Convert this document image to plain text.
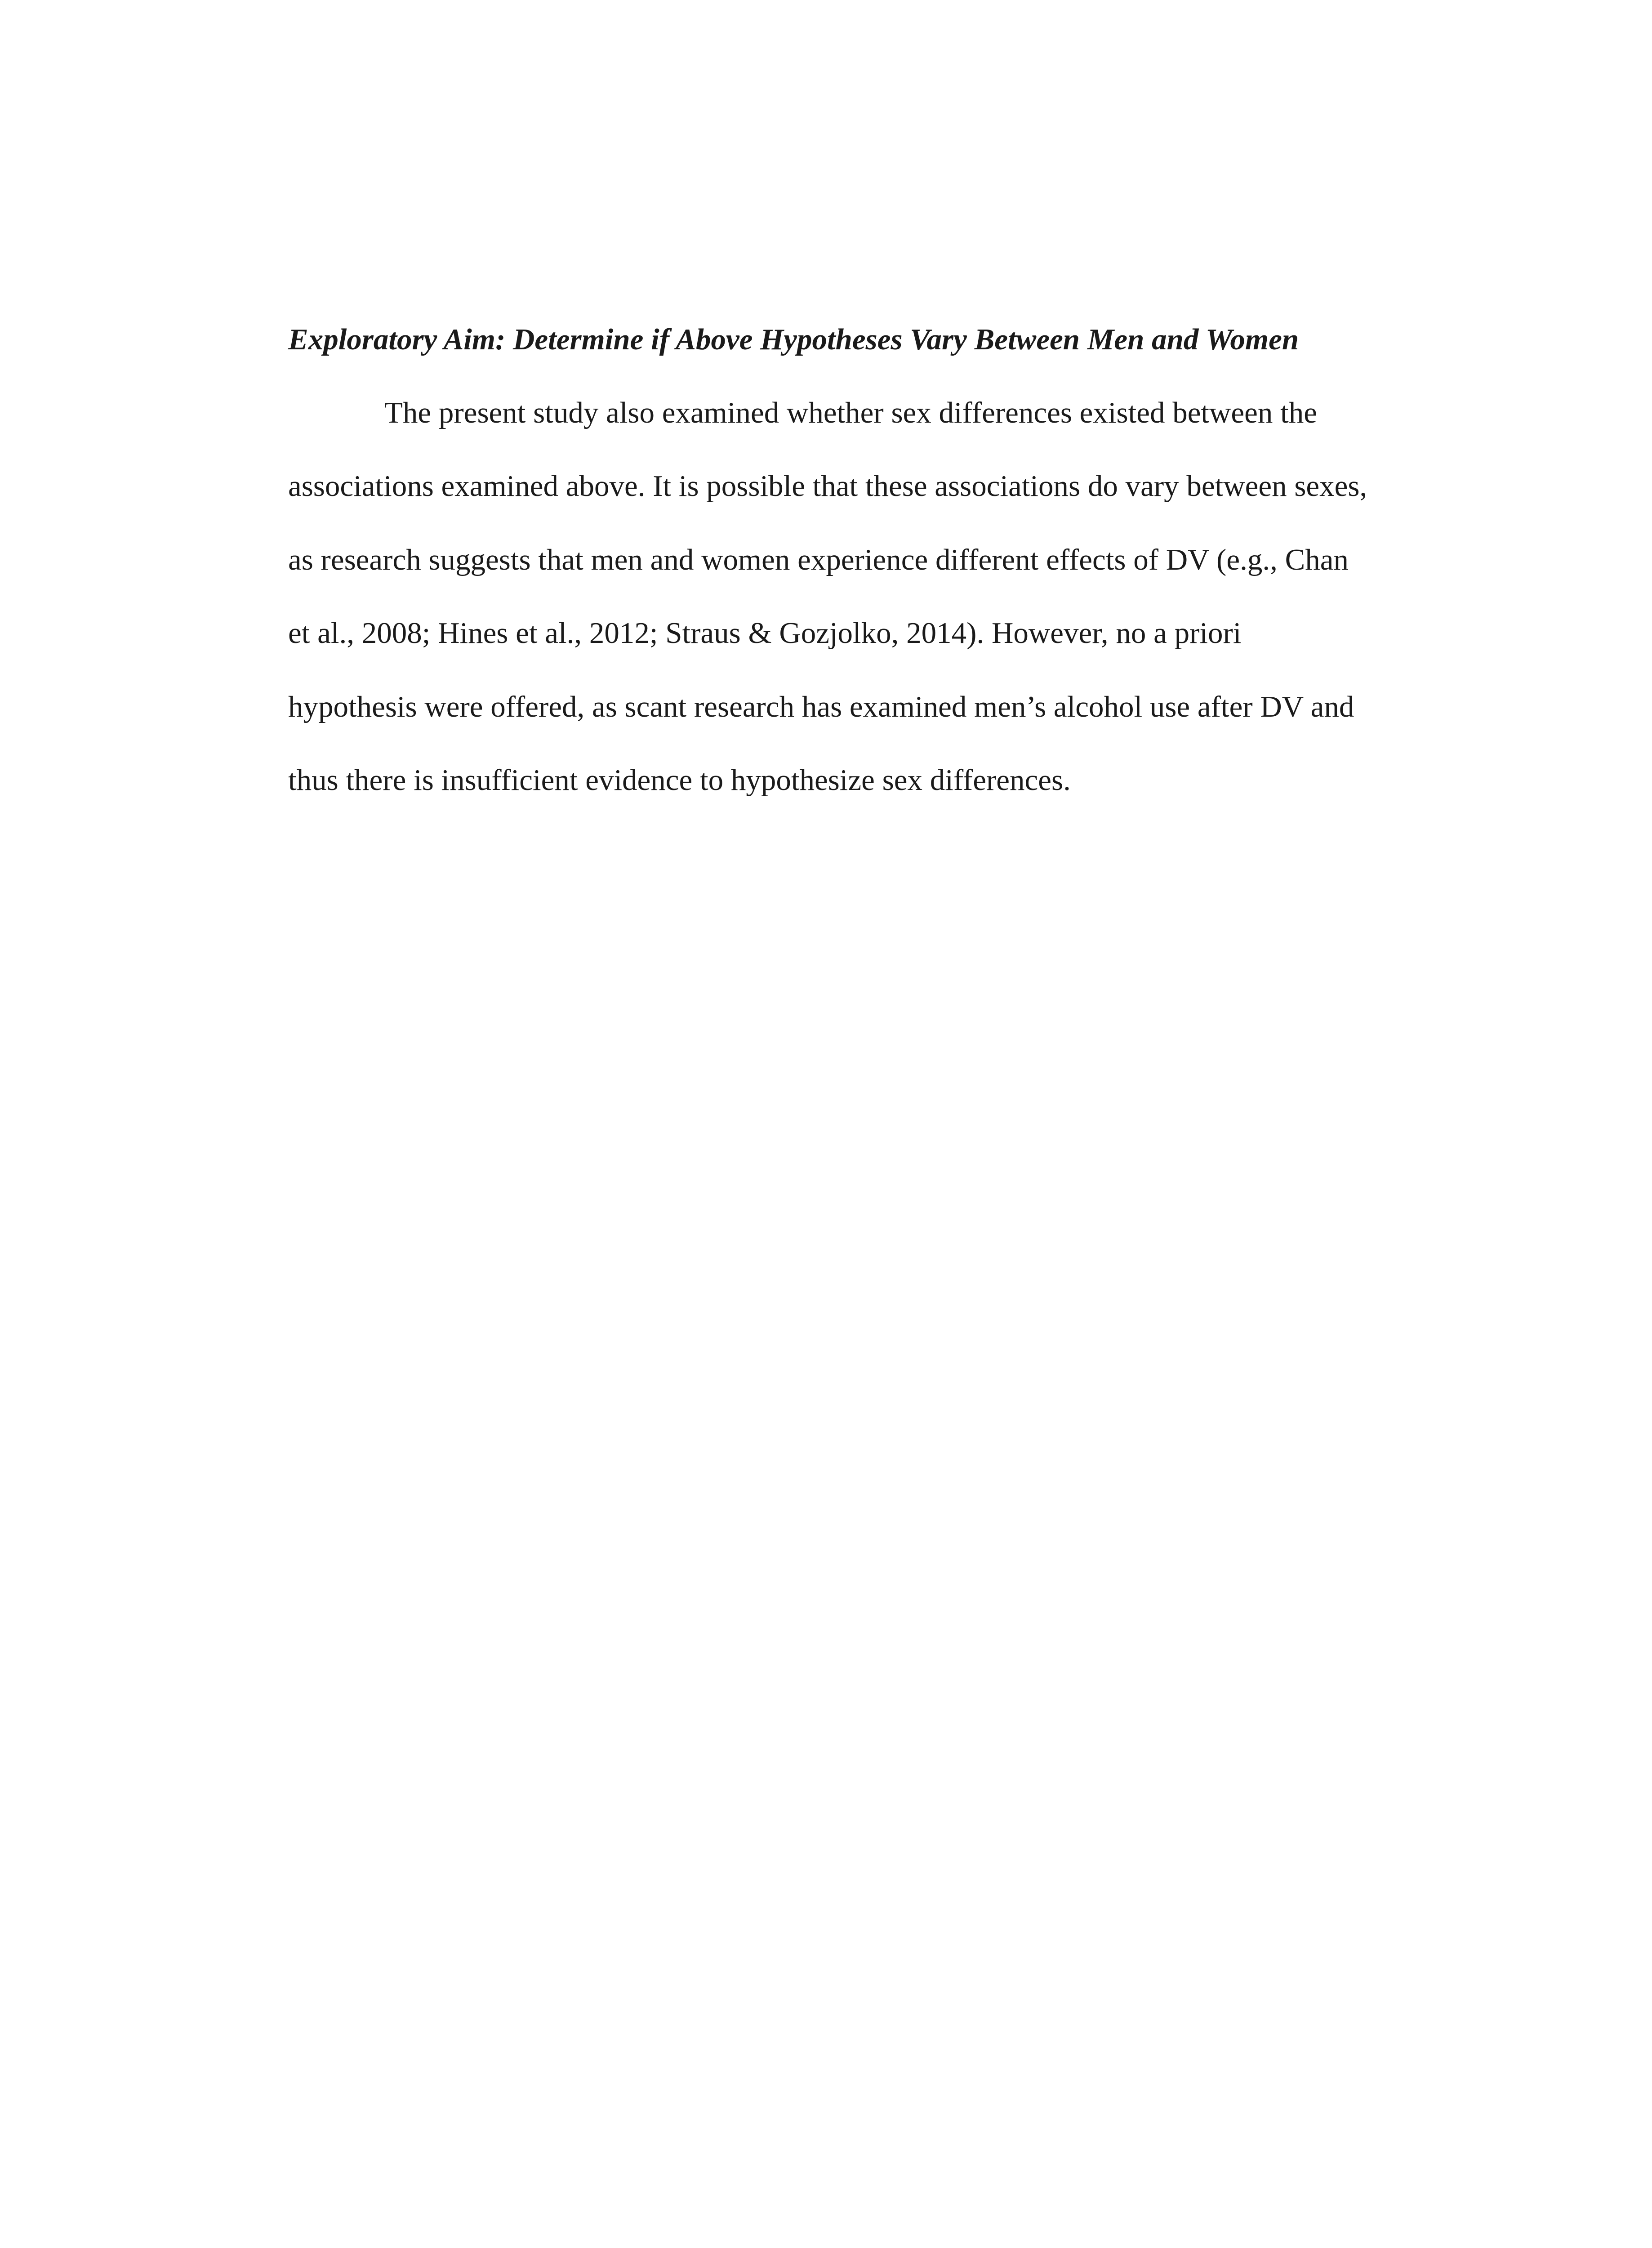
Exploratory Aim: Determine if Above Hypotheses Vary Between Men and Women

The present study also examined whether sex differences existed between the

associations examined above. It is possible that these associations do vary between sexes,

as research suggests that men and women experience different effects of DV (e.g., Chan

et al., 2008; Hines et al., 2012; Straus & Gozjolko, 2014). However, no a priori

hypothesis were offered, as scant research has examined men’s alcohol use after DV and

thus there is insufficient evidence to hypothesize sex differences.
